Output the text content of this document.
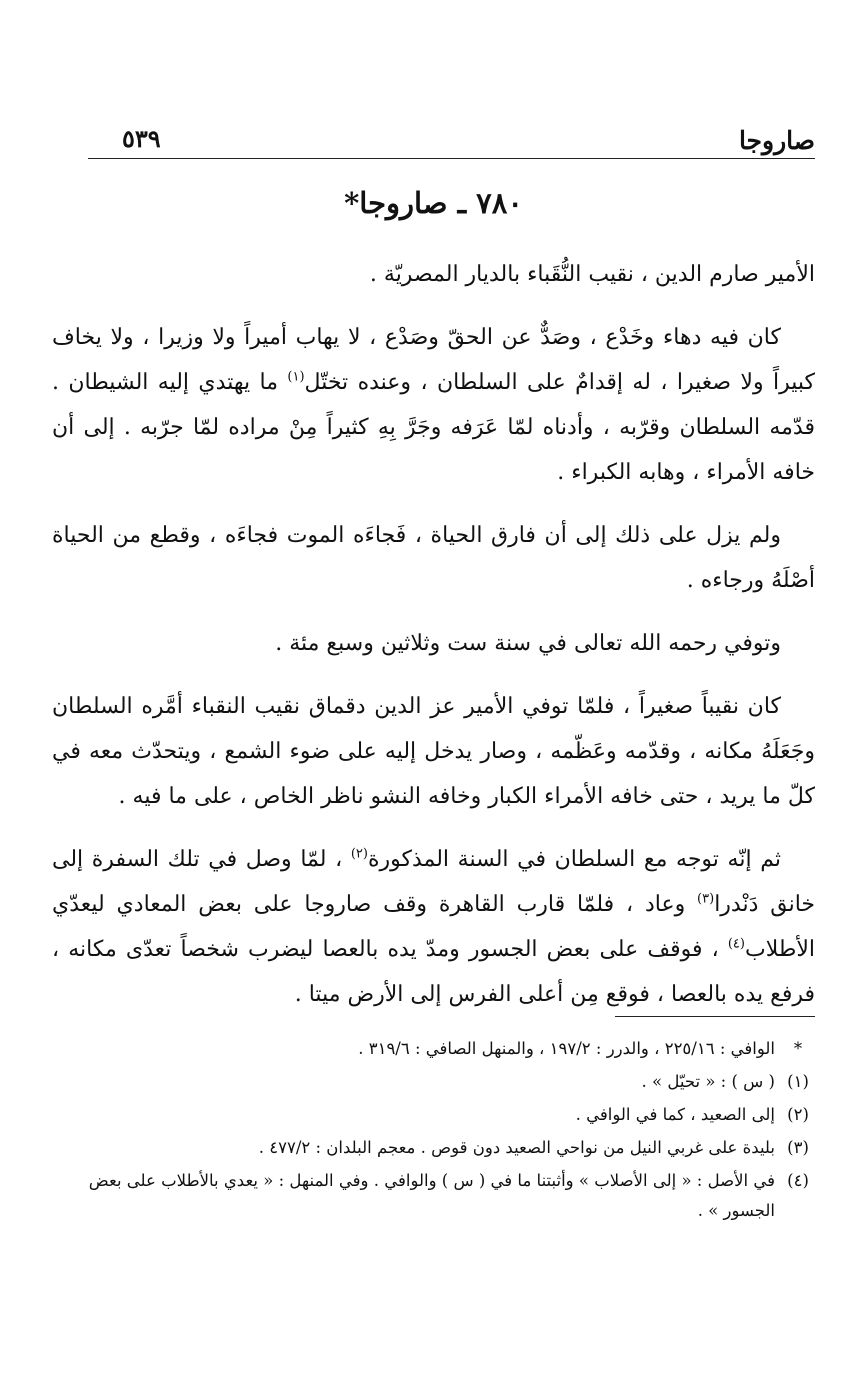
صاروجا
٥٣٩
٧٨٠ ـ صاروجا*

الأمير صارم الدين ، نقيب النُّقَباء بالديار المصريّة .

كان فيه دهاء وخَدْع ، وصَدٌّ عن الحقّ وصَدْع ، لا يهاب أميراً ولا وزيرا ، ولا يخاف كبيراً ولا صغيرا ، له إقدامٌ على السلطان ، وعنده تختّل$^{(١)}$ ما يهتدي إليه الشيطان . قدّمه السلطان وقرّبه ، وأدناه لمّا عَرَفه وجَرَّ بِهِ كثيراً مِنْ مراده لمّا جرّبه . إلى أن خافه الأمراء ، وهابه الكبراء .

ولم يزل على ذلك إلى أن فارق الحياة ، فَجاءَه الموت فجاءَه ، وقطع من الحياة أصْلَهُ ورجاءه .

وتوفي رحمه الله تعالى في سنة ست وثلاثين وسبع مئة .

كان نقيباً صغيراً ، فلمّا توفي الأمير عز الدين دقماق نقيب النقباء أمَّره السلطان وجَعَلَهُ مكانه ، وقدّمه وعَظّمه ، وصار يدخل إليه على ضوء الشمع ، ويتحدّث معه في كلّ ما يريد ، حتى خافه الأمراء الكبار وخافه النشو ناظر الخاص ، على ما فيه .

ثم إنّه توجه مع السلطان في السنة المذكورة$^{(٢)}$ ، لمّا وصل في تلك السفرة إلى خانق دَنْدرا$^{(٣)}$ وعاد ، فلمّا قارب القاهرة وقف صاروجا على بعض المعادي ليعدّي الأطلاب$^{(٤)}$ ، فوقف على بعض الجسور ومدّ يده بالعصا ليضرب شخصاً تعدّى مكانه ، فرفع يده بالعصا ، فوقع مِن أعلى الفرس إلى الأرض ميتا .

*
الوافي : ٢٢٥/١٦ ، والدرر : ١٩٧/٢ ، والمنهل الصافي : ٣١٩/٦ .
(١)
( س ) : « تحيّل » .
(٢)
إلى الصعيد ، كما في الوافي .
(٣)
بليدة على غربي النيل من نواحي الصعيد دون قوص . معجم البلدان : ٤٧٧/٢ .
(٤)
في الأصل : « إلى الأصلاب » وأثبتنا ما في ( س ) والوافي . وفي المنهل : « يعدي بالأطلاب على بعض الجسور » .
